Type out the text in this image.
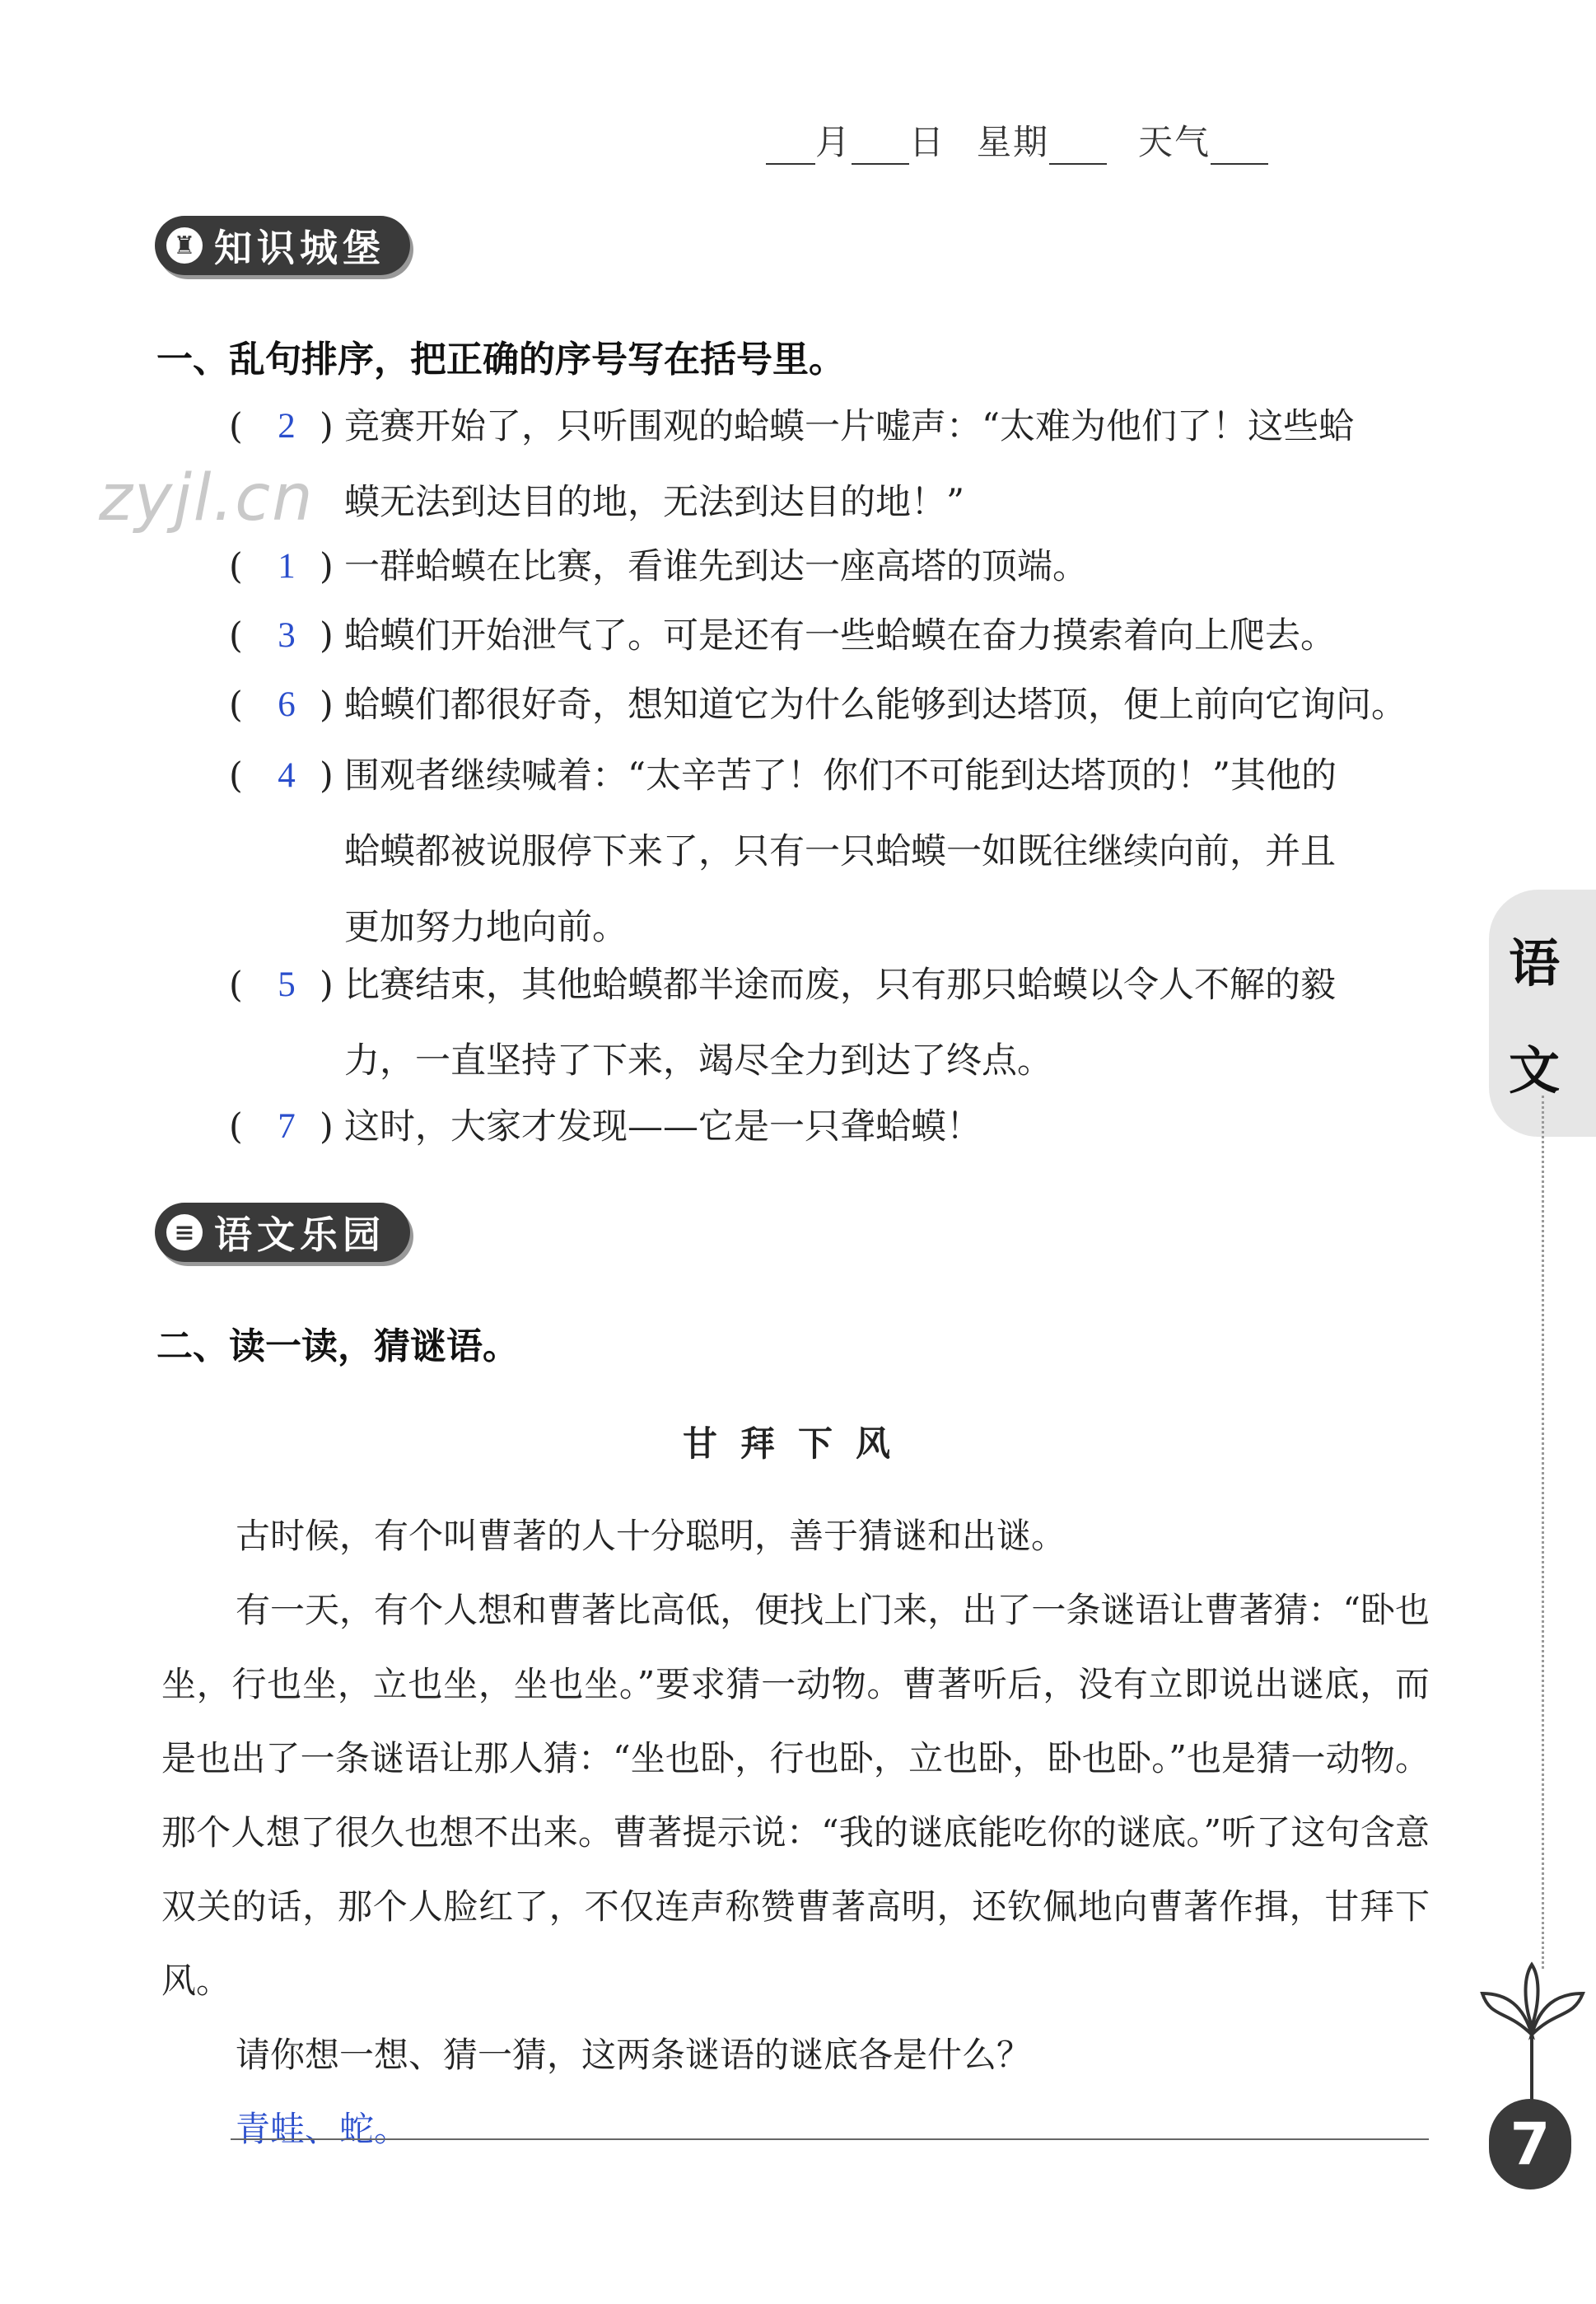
月 日 星期	天气
♜ 知识城堡
一、乱句排序，把正确的序号写在括号里。
zyjl.cn
( 2 ) 竞赛开始了，只听围观的蛤蟆一片嘘声：“太难为他们了！这些蛤
蟆无法到达目的地，无法到达目的地！”
( 1 ) 一群蛤蟆在比赛，看谁先到达一座高塔的顶端。
( 3 ) 蛤蟆们开始泄气了。可是还有一些蛤蟆在奋力摸索着向上爬去。
( 6 ) 蛤蟆们都很好奇，想知道它为什么能够到达塔顶，便上前向它询问。
( 4 ) 围观者继续喊着：“太辛苦了！你们不可能到达塔顶的！”其他的
蛤蟆都被说服停下来了，只有一只蛤蟆一如既往继续向前，并且
更加努力地向前。
( 5 ) 比赛结束，其他蛤蟆都半途而废，只有那只蛤蟆以令人不解的毅
力，一直坚持了下来，竭尽全力到达了终点。
( 7 ) 这时，大家才发现——它是一只聋蛤蟆！
语
文
≡ 语文乐园
二、读一读，猜谜语。
甘拜下风

古时候，有个叫曹著的人十分聪明，善于猜谜和出谜。

有一天，有个人想和曹著比高低，便找上门来，出了一条谜语让曹著猜：“卧也坐，行也坐，立也坐，坐也坐。”要求猜一动物。曹著听后，没有立即说出谜底，而是也出了一条谜语让那人猜：“坐也卧，行也卧，立也卧，卧也卧。”也是猜一动物。那个人想了很久也想不出来。曹著提示说：“我的谜底能吃你的谜底。”听了这句含意双关的话，那个人脸红了，不仅连声称赞曹著高明，还钦佩地向曹著作揖，甘拜下风。

请你想一想、猜一猜，这两条谜语的谜底各是什么？

青蛙、蛇。	7
